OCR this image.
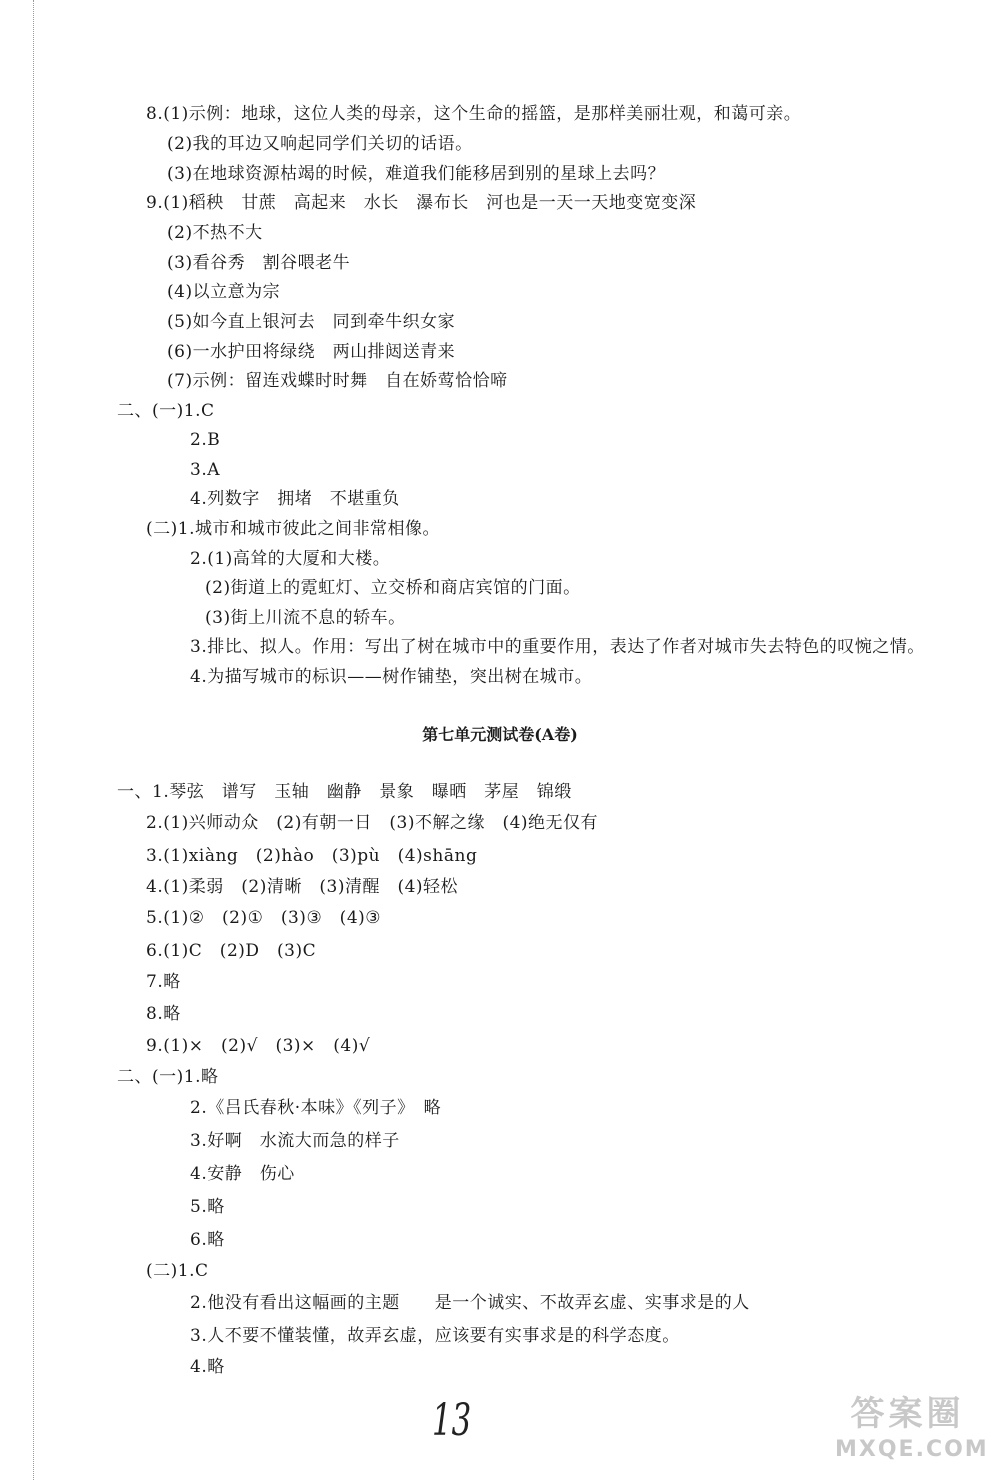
8.(1)示例：地球，这位人类的母亲，这个生命的摇篮，是那样美丽壮观，和蔼可亲。
(2)我的耳边又响起同学们关切的话语。
(3)在地球资源枯竭的时候，难道我们能移居到别的星球上去吗？
9.(1)稻秧　甘蔗　高起来　水长　瀑布长　河也是一天一天地变宽变深
(2)不热不大
(3)看谷秀　割谷喂老牛
(4)以立意为宗
(5)如今直上银河去　同到牵牛织女家
(6)一水护田将绿绕　两山排闼送青来
(7)示例：留连戏蝶时时舞　自在娇莺恰恰啼
二、(一)1.C
2.B
3.A
4.列数字　拥堵　不堪重负
(二)1.城市和城市彼此之间非常相像。
2.(1)高耸的大厦和大楼。
(2)街道上的霓虹灯、立交桥和商店宾馆的门面。
(3)街上川流不息的轿车。
3.排比、拟人。作用：写出了树在城市中的重要作用，表达了作者对城市失去特色的叹惋之情。
4.为描写城市的标识——树作铺垫，突出树在城市。
第七单元测试卷(A卷)
一、1.琴弦　谱写　玉轴　幽静　景象　曝晒　茅屋　锦缎
2.(1)兴师动众　(2)有朝一日　(3)不解之缘　(4)绝无仅有
3.(1)xiàng　(2)hào　(3)pù　(4)shāng
4.(1)柔弱　(2)清晰　(3)清醒　(4)轻松
5.(1)②　(2)①　(3)③　(4)③
6.(1)C　(2)D　(3)C
7.略
8.略
9.(1)×　(2)√　(3)×　(4)√
二、(一)1.略
2.《吕氏春秋·本味》《列子》　略
3.好啊　水流大而急的样子
4.安静　伤心
5.略
6.略
(二)1.C
2.他没有看出这幅画的主题　　是一个诚实、不故弄玄虚、实事求是的人
3.人不要不懂装懂，故弄玄虚，应该要有实事求是的科学态度。
4.略
13	答案圈
MXQE.COM
